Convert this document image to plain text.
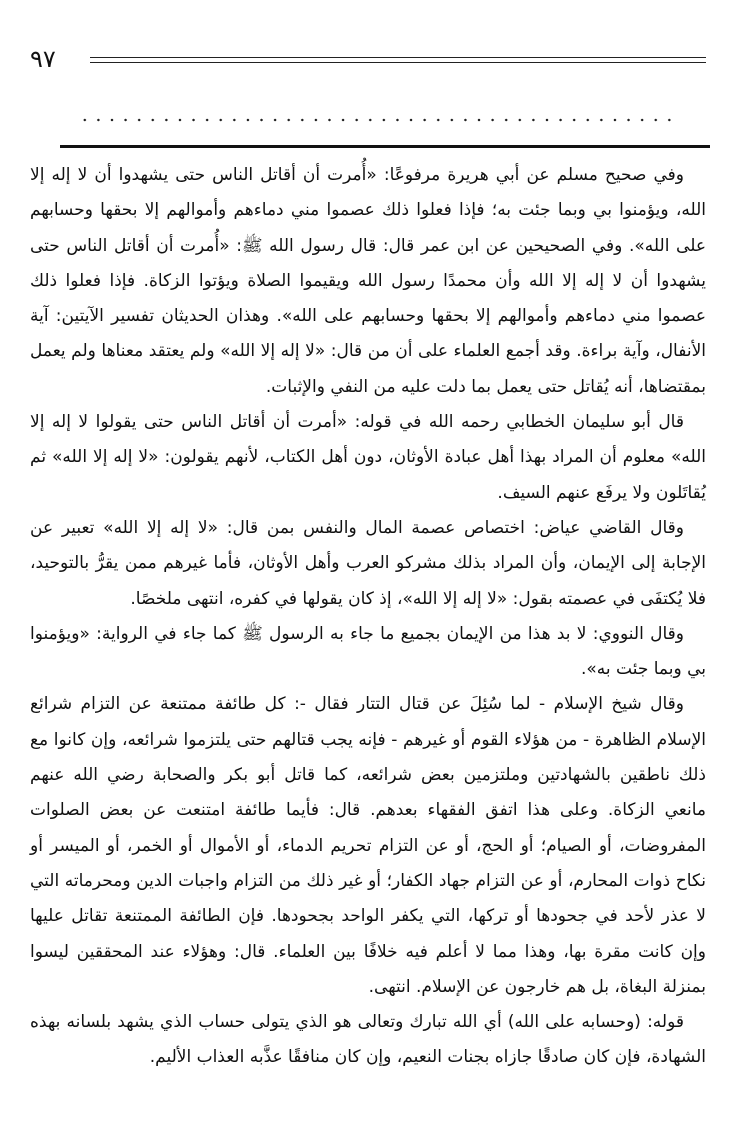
٩٧

وفي صحيح مسلم عن أبي هريرة مرفوعًا: «أُمرت أن أقاتل الناس حتى يشهدوا أن لا إله إلا الله، ويؤمنوا بي وبما جئت به؛ فإذا فعلوا ذلك عصموا مني دماءهم وأموالهم إلا بحقها وحسابهم على الله». وفي الصحيحين عن ابن عمر قال: قال رسول الله ﷺ: «أُمرت أن أقاتل الناس حتى يشهدوا أن لا إله إلا الله وأن محمدًا رسول الله ويقيموا الصلاة ويؤتوا الزكاة. فإذا فعلوا ذلك عصموا مني دماءهم وأموالهم إلا بحقها وحسابهم على الله». وهذان الحديثان تفسير الآيتين: آية الأنفال، وآية براءة. وقد أجمع العلماء على أن من قال: «لا إله إلا الله» ولم يعتقد معناها ولم يعمل بمقتضاها، أنه يُقاتل حتى يعمل بما دلت عليه من النفي والإثبات.

قال أبو سليمان الخطابي رحمه الله في قوله: «أمرت أن أقاتل الناس حتى يقولوا لا إله إلا الله» معلوم أن المراد بهذا أهل عبادة الأوثان، دون أهل الكتاب، لأنهم يقولون: «لا إله إلا الله» ثم يُقاتَلون ولا يرفَع عنهم السيف.

وقال القاضي عياض: اختصاص عصمة المال والنفس بمن قال: «لا إله إلا الله» تعبير عن الإجابة إلى الإيمان، وأن المراد بذلك مشركو العرب وأهل الأوثان، فأما غيرهم ممن يقرُّ بالتوحيد، فلا يُكتفَى في عصمته بقول: «لا إله إلا الله»، إذ كان يقولها في كفره، انتهى ملخصًا.

وقال النووي: لا بد هذا من الإيمان بجميع ما جاء به الرسول ﷺ كما جاء في الرواية: «ويؤمنوا بي وبما جئت به».

وقال شيخ الإسلام - لما سُئِلَ عن قتال التتار فقال -: كل طائفة ممتنعة عن التزام شرائع الإسلام الظاهرة - من هؤلاء القوم أو غيرهم - فإنه يجب قتالهم حتى يلتزموا شرائعه، وإن كانوا مع ذلك ناطقين بالشهادتين وملتزمين بعض شرائعه، كما قاتل أبو بكر والصحابة رضي الله عنهم مانعي الزكاة. وعلى هذا اتفق الفقهاء بعدهم. قال: فأيما طائفة امتنعت عن بعض الصلوات المفروضات، أو الصيام؛ أو الحج، أو عن التزام تحريم الدماء، أو الأموال أو الخمر، أو الميسر أو نكاح ذوات المحارم، أو عن التزام جهاد الكفار؛ أو غير ذلك من التزام واجبات الدين ومحرماته التي لا عذر لأحد في جحودها أو تركها، التي يكفر الواحد بجحودها. فإن الطائفة الممتنعة تقاتل عليها وإن كانت مقرة بها، وهذا مما لا أعلم فيه خلافًا بين العلماء. قال: وهؤلاء عند المحققين ليسوا بمنزلة البغاة، بل هم خارجون عن الإسلام. انتهى.

قوله: (وحسابه على الله) أي الله تبارك وتعالى هو الذي يتولى حساب الذي يشهد بلسانه بهذه الشهادة، فإن كان صادقًا جازاه بجنات النعيم، وإن كان منافقًا عذَّبه العذاب الأليم.
